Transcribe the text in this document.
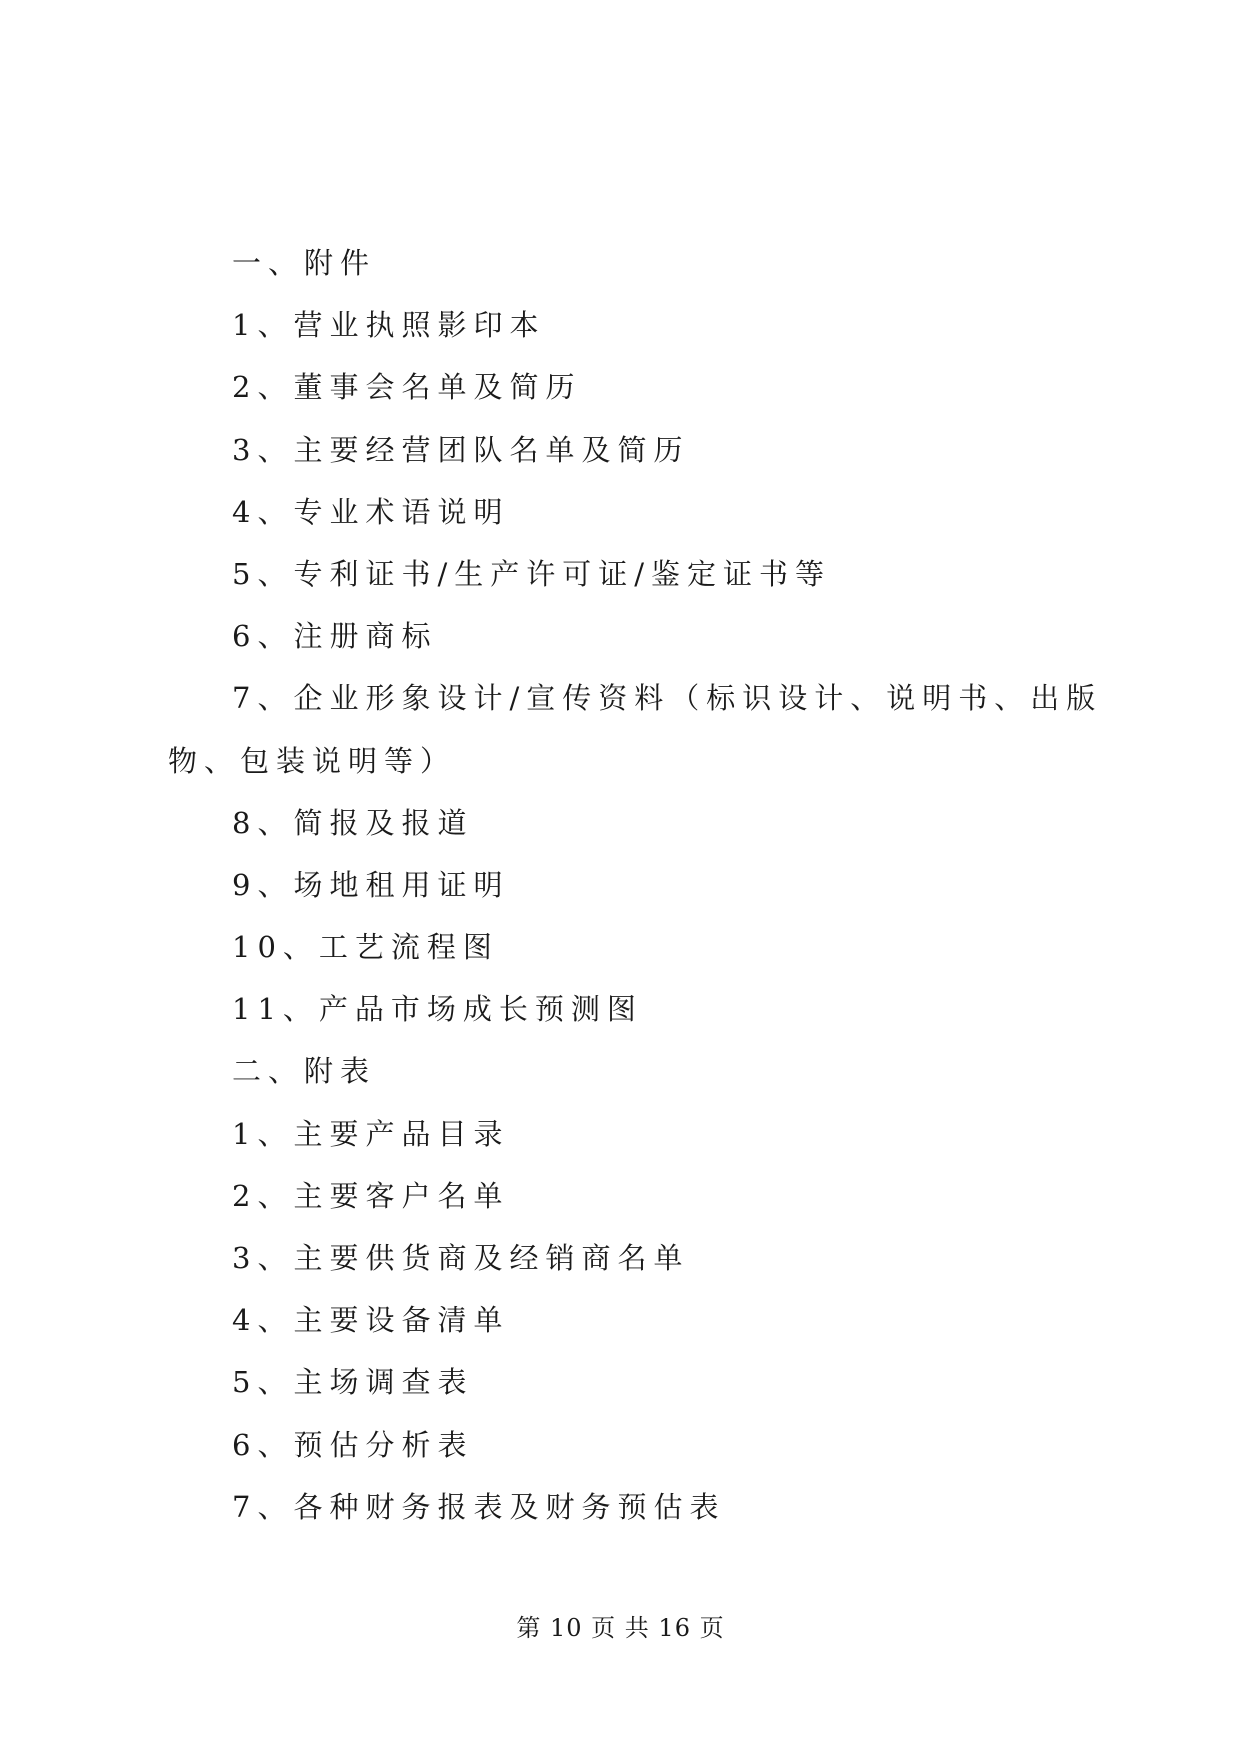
一、附件
1、营业执照影印本
2、董事会名单及简历
3、主要经营团队名单及简历
4、专业术语说明
5、专利证书/生产许可证/鉴定证书等
6、注册商标
7、企业形象设计/宣传资料（标识设计、说明书、出版物、包装说明等）
8、简报及报道
9、场地租用证明
10、工艺流程图
11、产品市场成长预测图
二、附表
1、主要产品目录
2、主要客户名单
3、主要供货商及经销商名单
4、主要设备清单
5、主场调查表
6、预估分析表
7、各种财务报表及财务预估表
第 10 页 共 16 页
